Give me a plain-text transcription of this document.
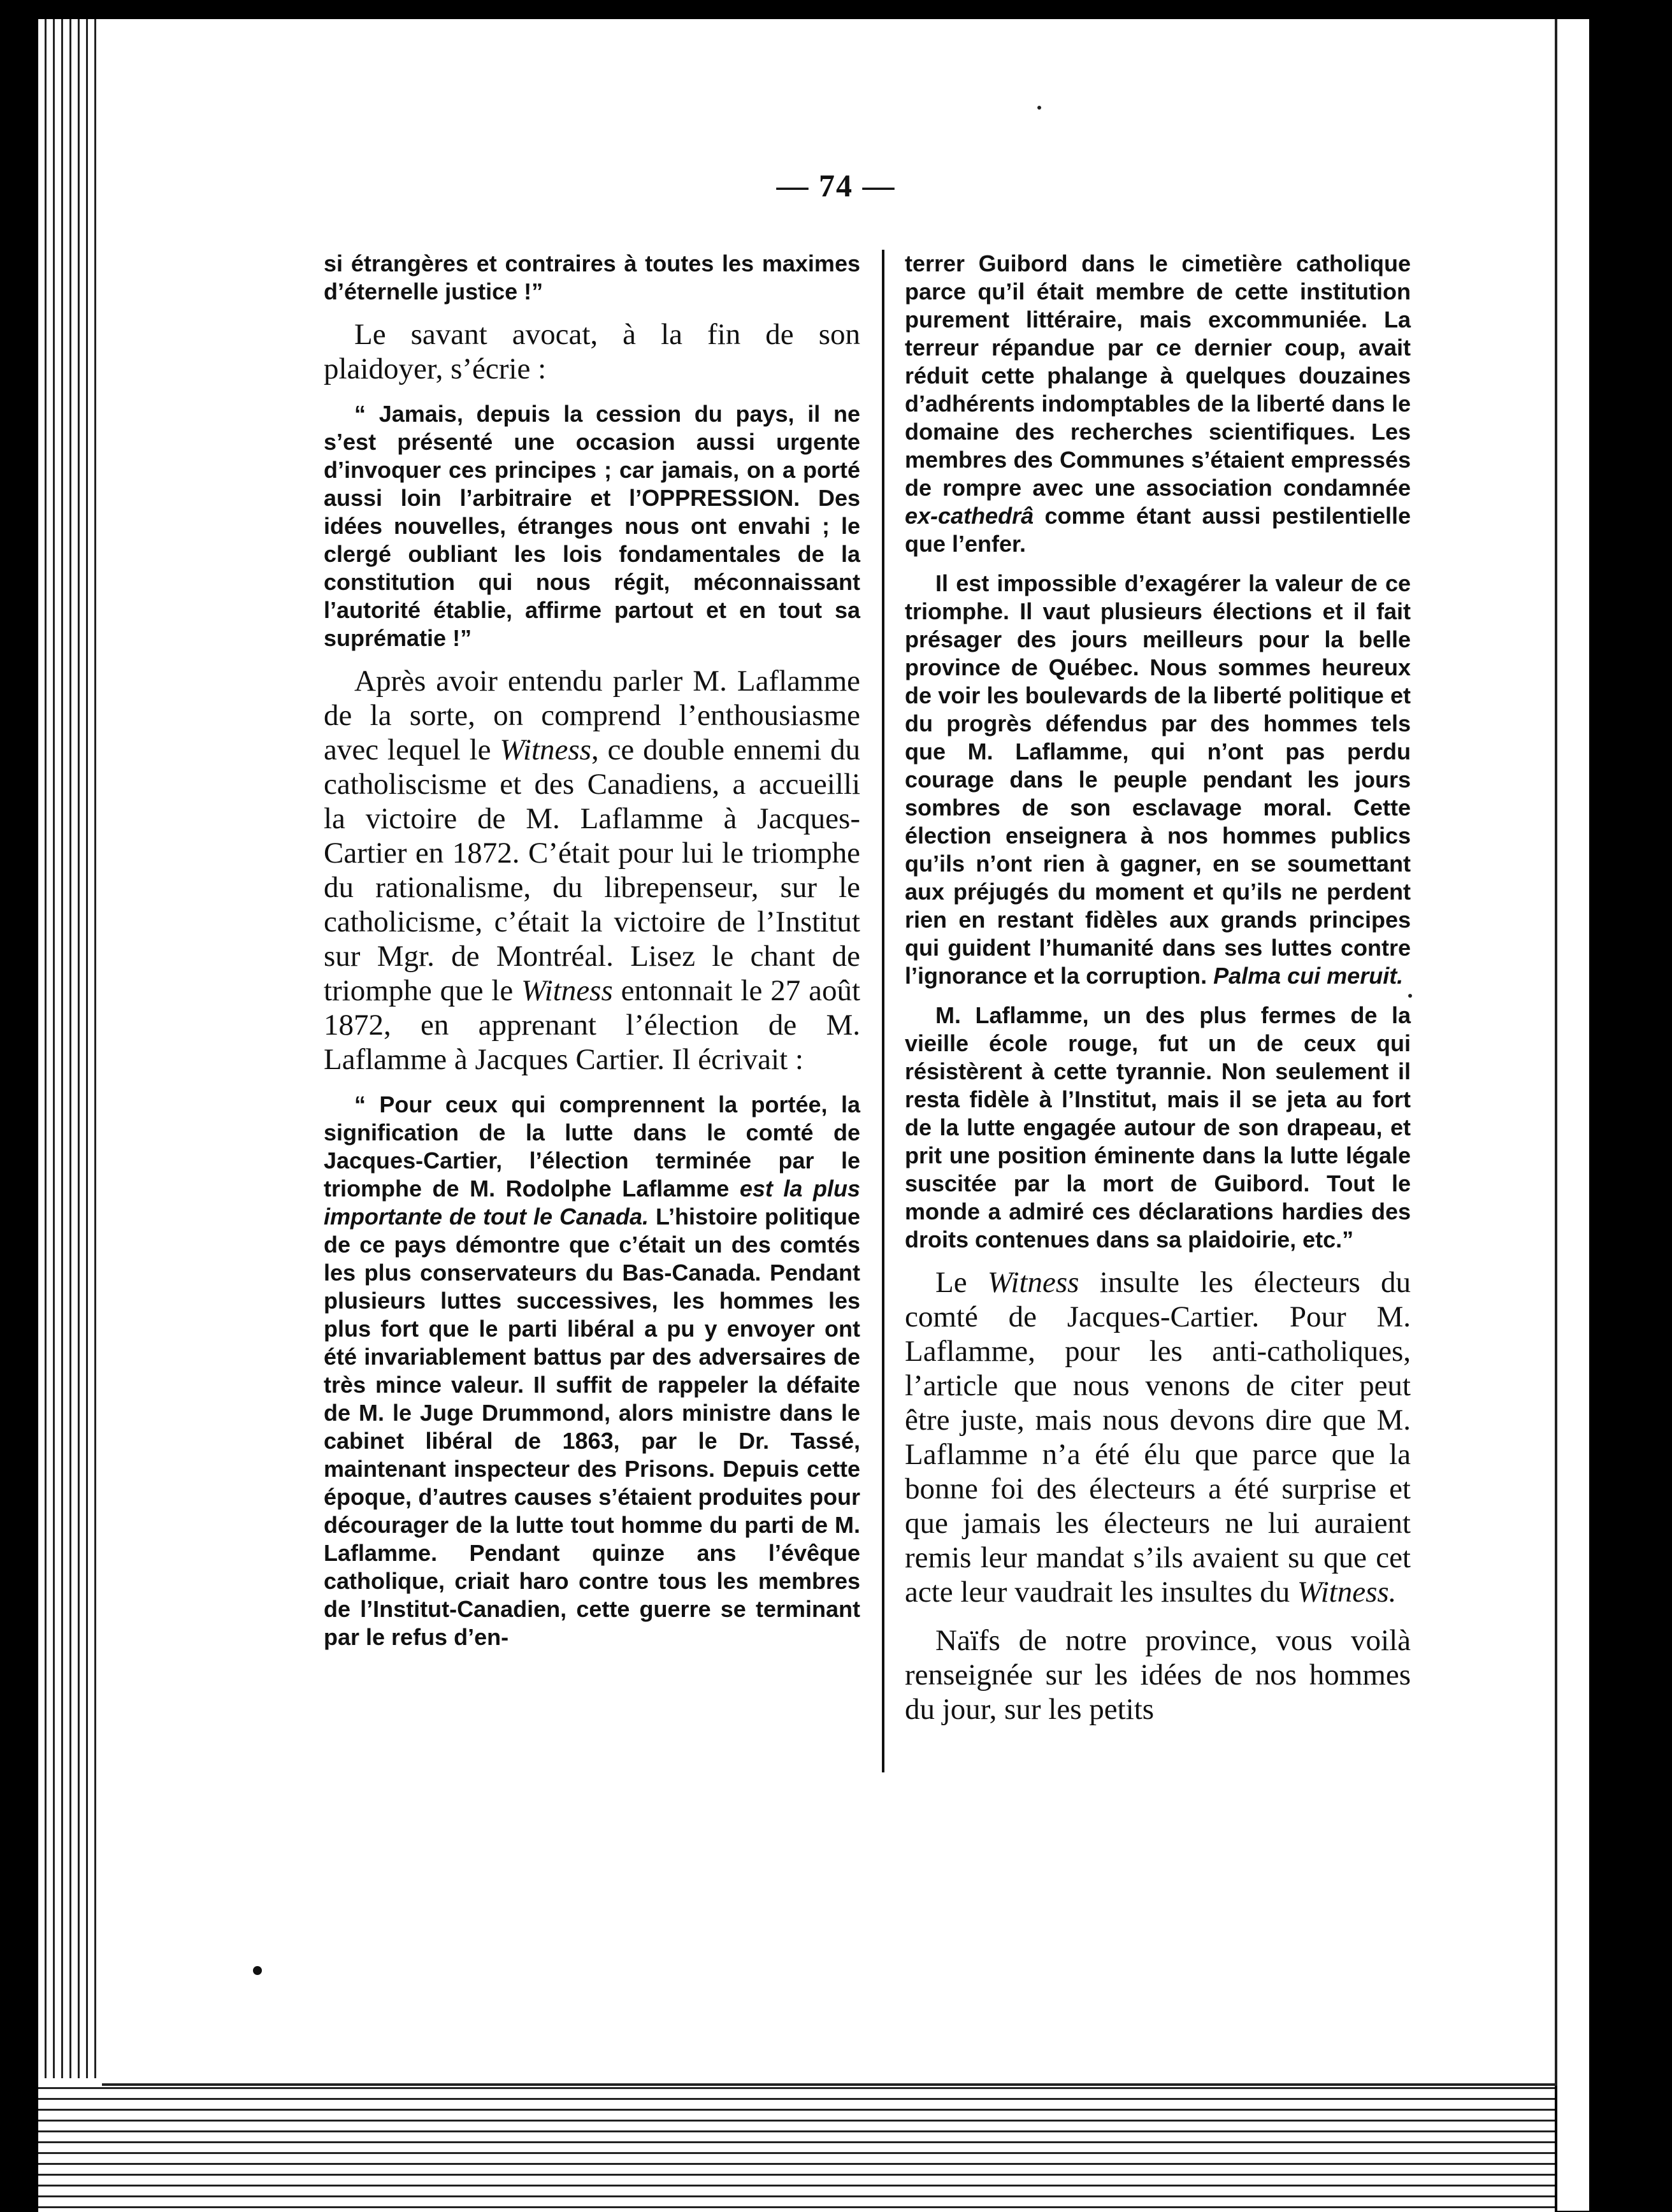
— 74 —

si étrangères et contraires à toutes les maximes d’éternelle justice !”

Le savant avocat, à la fin de son plaidoyer, s’écrie :

“ Jamais, depuis la cession du pays, il ne s’est présenté une occasion aussi urgente d’invoquer ces principes ; car jamais, on a porté aussi loin l’arbitraire et l’OPPRESSION. Des idées nouvelles, étranges nous ont envahi ; le clergé oubliant les lois fondamentales de la constitution qui nous régit, méconnaissant l’autorité établie, affirme partout et en tout sa suprématie !”

Après avoir entendu parler M. Laflamme de la sorte, on comprend l’enthousiasme avec lequel le Witness, ce double ennemi du catholiscisme et des Canadiens, a accueilli la victoire de M. Laflamme à Jacques-Cartier en 1872. C’était pour lui le triomphe du rationalisme, du librepenseur, sur le catholicisme, c’était la victoire de l’Institut sur Mgr. de Montréal. Lisez le chant de triomphe que le Witness entonnait le 27 août 1872, en apprenant l’élection de M. Laflamme à Jacques Cartier. Il écrivait :

“ Pour ceux qui comprennent la portée, la signification de la lutte dans le comté de Jacques-Cartier, l’élection terminée par le triomphe de M. Rodolphe Laflamme est la plus importante de tout le Canada. L’histoire politique de ce pays démontre que c’était un des comtés les plus conservateurs du Bas-Canada. Pendant plusieurs luttes successives, les hommes les plus fort que le parti libéral a pu y envoyer ont été invariablement battus par des adversaires de très mince valeur. Il suffit de rappeler la défaite de M. le Juge Drummond, alors ministre dans le cabinet libéral de 1863, par le Dr. Tassé, maintenant inspecteur des Prisons. Depuis cette époque, d’autres causes s’étaient produites pour décourager de la lutte tout homme du parti de M. Laflamme. Pendant quinze ans l’évêque catholique, criait haro contre tous les membres de l’Institut-Canadien, cette guerre se terminant par le refus d’en-

terrer Guibord dans le cimetière catholique parce qu’il était membre de cette institution purement littéraire, mais excommuniée. La terreur répandue par ce dernier coup, avait réduit cette phalange à quelques douzaines d’adhérents indomptables de la liberté dans le domaine des recherches scientifiques. Les membres des Communes s’étaient empressés de rompre avec une association condamnée ex-cathedrâ comme étant aussi pestilentielle que l’enfer.

Il est impossible d’exagérer la valeur de ce triomphe. Il vaut plusieurs élections et il fait présager des jours meilleurs pour la belle province de Québec. Nous sommes heureux de voir les boulevards de la liberté politique et du progrès défendus par des hommes tels que M. Laflamme, qui n’ont pas perdu courage dans le peuple pendant les jours sombres de son esclavage moral. Cette élection enseignera à nos hommes publics qu’ils n’ont rien à gagner, en se soumettant aux préjugés du moment et qu’ils ne perdent rien en restant fidèles aux grands principes qui guident l’humanité dans ses luttes contre l’ignorance et la corruption. Palma cui meruit.

M. Laflamme, un des plus fermes de la vieille école rouge, fut un de ceux qui résistèrent à cette tyrannie. Non seulement il resta fidèle à l’Institut, mais il se jeta au fort de la lutte engagée autour de son drapeau, et prit une position éminente dans la lutte légale suscitée par la mort de Guibord. Tout le monde a admiré ces déclarations hardies des droits contenues dans sa plaidoirie, etc.”

Le Witness insulte les électeurs du comté de Jacques-Cartier. Pour M. Laflamme, pour les anti-catholiques, l’article que nous venons de citer peut être juste, mais nous devons dire que M. Laflamme n’a été élu que parce que la bonne foi des électeurs a été surprise et que jamais les électeurs ne lui auraient remis leur mandat s’ils avaient su que cet acte leur vaudrait les insultes du Witness.

Naïfs de notre province, vous voilà renseignée sur les idées de nos hommes du jour, sur les petits
